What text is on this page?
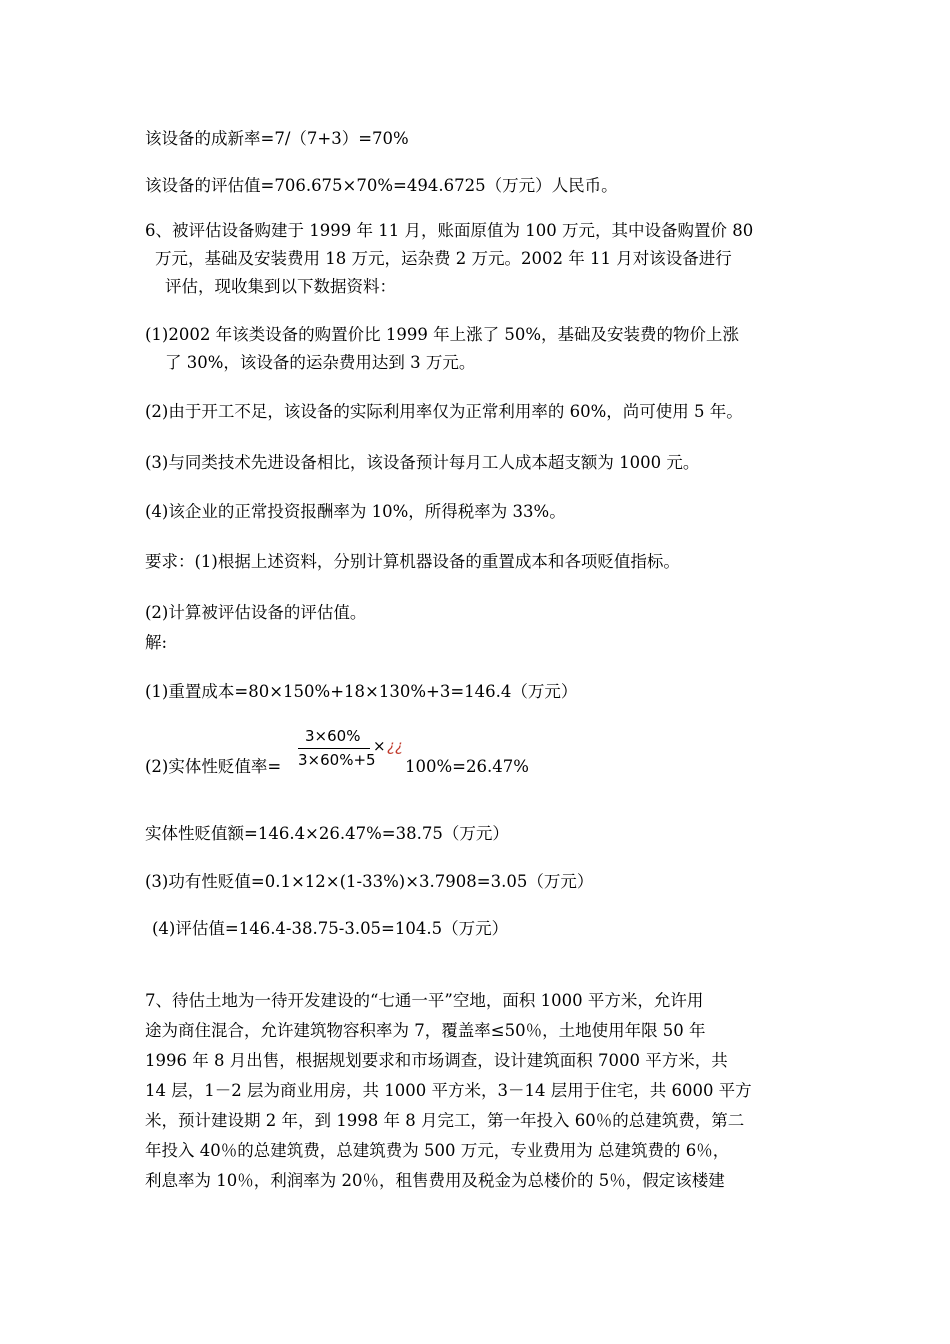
该设备的成新率=7/（7+3）=70%
该设备的评估值=706.675×70%=494.6725（万元）人民币。
6、被评估设备购建于 1999 年 11 月，账面原值为 100 万元，其中设备购置价 80
万元，基础及安装费用 18 万元，运杂费 2 万元。2002 年 11 月对该设备进行
评估，现收集到以下数据资料：
(1)2002 年该类设备的购置价比 1999 年上涨了 50%，基础及安装费的物价上涨
了 30%，该设备的运杂费用达到 3 万元。
(2)由于开工不足，该设备的实际利用率仅为正常利用率的 60%，尚可使用 5 年。
(3)与同类技术先进设备相比，该设备预计每月工人成本超支额为 1000 元。
(4)该企业的正常投资报酬率为 10%，所得税率为 33%。
要求：(1)根据上述资料，分别计算机器设备的重置成本和各项贬值指标。
(2)计算被评估设备的评估值。
解:
(1)重置成本=80×150%+18×130%+3=146.4（万元）
(2)实体性贬值率=
3×60%
3×60%+5
× ¿¿
100%=26.47%
实体性贬值额=146.4×26.47%=38.75（万元）
(3)功有性贬值=0.1×12×(1-33%)×3.7908=3.05（万元）
(4)评估值=146.4-38.75-3.05=104.5（万元）
7、待估土地为一待开发建设的“七通一平”空地，面积 1000 平方米，允许用
途为商住混合，允许建筑物容积率为 7，覆盖率≤50％，土地使用年限 50 年
1996 年 8 月出售，根据规划要求和市场调查，设计建筑面积 7000 平方米，共
14 层，1－2 层为商业用房，共 1000 平方米，3－14 层用于住宅，共 6000 平方
米，预计建设期 2 年，到 1998 年 8 月完工，第一年投入 60％的总建筑费，第二
年投入 40％的总建筑费，总建筑费为 500 万元，专业费用为 总建筑费的 6％，
利息率为 10％，利润率为 20％，租售费用及税金为总楼价的 5％，假定该楼建
